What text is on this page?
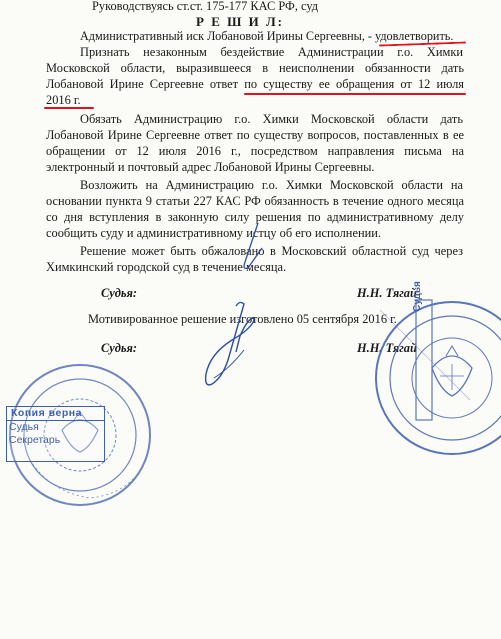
Руководствуясь ст.ст. 175-177 КАС РФ, суд
Р Е Ш И Л:
Административный иск Лобановой Ирины Сергеевны, - удовлетворить.
Признать незаконным бездействие Администрации г.о. Химки
Московской области, выразившееся в неисполнении обязанности дать
Лобановой Ирине Сергеевне ответ по существу ее обращения от 12 июля
2016 г.
Обязать Администрацию г.о. Химки Московской области дать
Лобановой Ирине Сергеевне ответ по существу вопросов, поставленных в ее
обращении от 12 июля 2016 г., посредством направления письма на
электронный и почтовый адрес Лобановой Ирины Сергеевны.
Возложить на Администрацию г.о. Химки Московской области на
основании пункта 9 статьи 227 КАС РФ обязанность в течение одного месяца
со дня вступления в законную силу решения по административному делу
сообщить суду и административному истцу об его исполнении.
Решение может быть обжаловано в Московский областной суд через
Химкинский городской суд в течение месяца.
Судья:	Н.Н. Тягай
Мотивированное решение изготовлено 05 сентября 2016 г.
Судья:	Н.Н. Тягай
Копия верна
Судья
Секретарь
Судья
